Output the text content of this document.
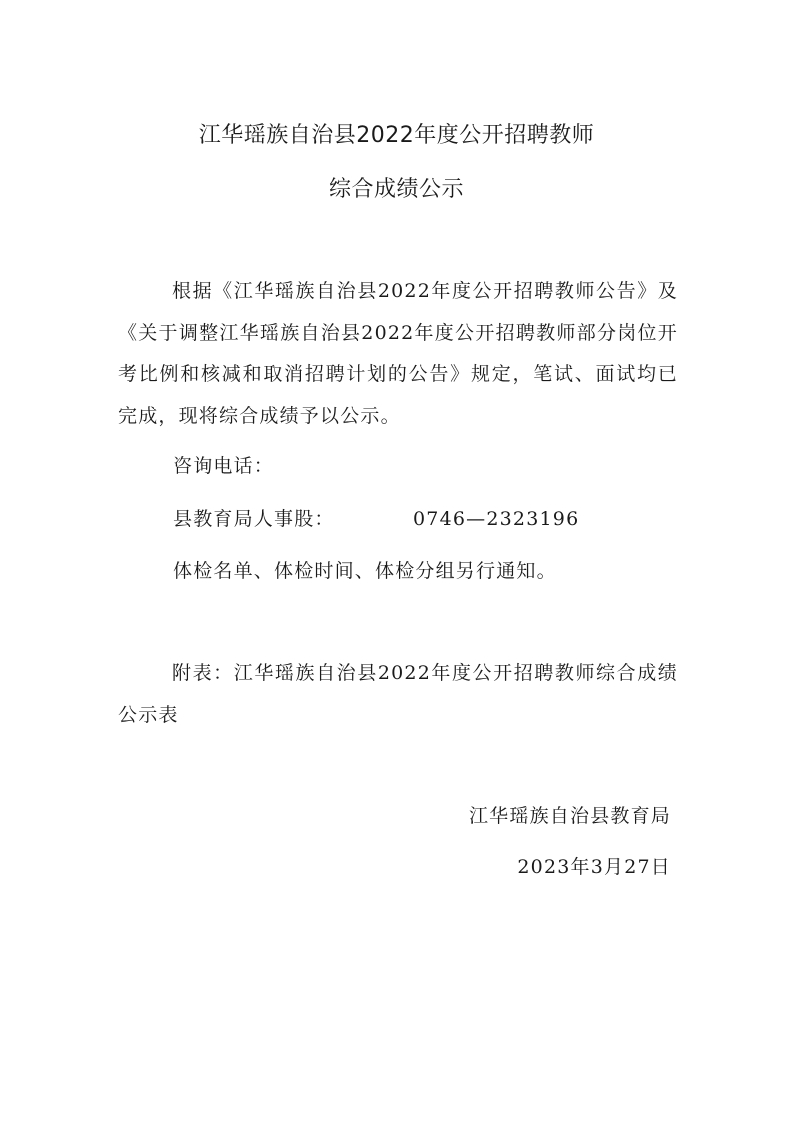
江华瑶族自治县2022年度公开招聘教师
综合成绩公示

根据《江华瑶族自治县2022年度公开招聘教师公告》及《关于调整江华瑶族自治县2022年度公开招聘教师部分岗位开考比例和核减和取消招聘计划的公告》规定，笔试、面试均已完成，现将综合成绩予以公示。

咨询电话：

县教育局人事股：	0746—2323196

体检名单、体检时间、体检分组另行通知。

附表：江华瑶族自治县2022年度公开招聘教师综合成绩公示表

江华瑶族自治县教育局

2023年3月27日
